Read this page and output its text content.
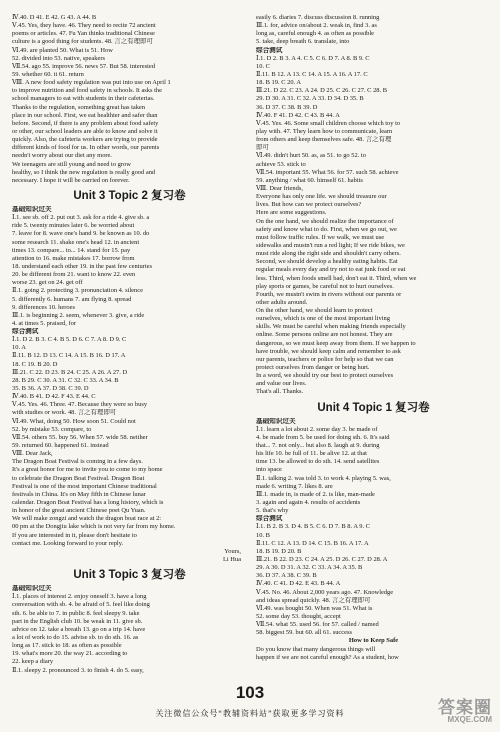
Ⅳ.40. D 41. E 42. G 43. A 44. B
Ⅴ.45. Yes, they have. 46. They need to recite 72 ancient
poems or articles. 47. Fu Yan thinks traditional Chinese
culture is a good thing for students. 48. 言之有理即可
Ⅵ.49. are planted 50. What is 51. How
52. divided into 53. native, speakers
Ⅶ.54. ago 55. improve 56. news 57. But 58. interested
59. whether 60. it 61. return
Ⅷ. A new food safety regulation was put into use on April 1
to improve nutrition and food safety in schools. It asks the
school managers to eat with students in their cafeterias.
Thanks to the regulation, something great has taken
place in our school. First, we eat healthier and safer than
before. Second, if there is any problem about food safety
or other, our school leaders are able to know and solve it
quickly. Also, the cafeteria workers are trying to provide
different kinds of food for us. In other words, our parents
needn't worry about our diet any more.
We teenagers are still young and need to grow
healthy, so I think the new regulation is really good and
necessary. I hope it will be carried on forever.
Unit 3 Topic 2 复习卷
基础知识过关
Ⅰ.1. see sb. off 2. put out 3. ask for a ride 4. give sb. a
ride 5. twenty minutes later 6. be worried about
7. leave for 8. wave one's hand 9. be known as 10. do
some research 11. shake one's head 12. in ancient
times 13. compare... to... 14. stand for 15. pay
attention to 16. make mistakes 17. borrow from
18. understand each other 19. in the past few centuries
20. be different from 21. want to know 22. even
worse 23. get on 24. get off
Ⅱ.1. going 2. protecting 3. pronunciation 4. silence
5. differently 6. humans 7. am flying 8. spread
9. differences 10. heroes
Ⅲ.1. is beginning 2. seem, whenever 3. give, a ride
4. at times 5. praised, for
综合测试
Ⅰ.1. D 2. B 3. C 4. B 5. D 6. C 7. A 8. D 9. C
10. A
Ⅱ.11. B 12. D 13. C 14. A 15. B 16. D 17. A
18. C 19. B 20. D
Ⅲ.21. C 22. D 23. B 24. C 25. A 26. A 27. D
28. B 29. C 30. A 31. C 32. C 33. A 34. B
35. B 36. A 37. D 38. C 39. D
Ⅳ.40. B 41. D 42. F 43. E 44. C
Ⅴ.45. Yes. 46. Three. 47. Because they were so busy
with studies or work. 48. 言之有理即可
Ⅵ.49. What, doing 50. How soon 51. Could not
52. by mistake 53. compare, to
Ⅶ.54. others 55. buy 56. When 57. wide 58. neither
59. returned 60. happened 61. instead
Ⅷ. Dear Jack,
The Dragon Boat Festival is coming in a few days.
It's a great honor for me to invite you to come to my home
to celebrate the Dragon Boat Festival. Dragon Boat
Festival is one of the most important Chinese traditional
festivals in China. It's on May fifth in Chinese lunar
calendar. Dragon Boat Festival has a long history, which is
in honor of the great ancient Chinese poet Qu Yuan.
We will make zongzi and watch the dragon boat race at 2:
00 pm at the Dongjiu lake which is not very far from my home.
If you are interested in it, please don't hesitate to
contact me. Looking forward to your reply.
Yours,
Li Hua
Unit 3 Topic 3 复习卷
基础知识过关
Ⅰ.1. places of interest 2. enjoy oneself 3. have a long
conversation with sb. 4. be afraid of 5. feel like doing
sth. 6. be able to 7. in public 8. feel sleepy 9. take
part in the English club 10. be weak in 11. give sb.
advice on 12. take a breath 13. go on a trip 14. have
a lot of work to do 15. advise sb. to do sth. 16. as
long as 17. stick to 18. as often as possible
19. what's more 20. the way 21. according to
22. keep a diary
Ⅱ.1. sleepy 2. pronounced 3. to finish 4. do 5. easy,
easily 6. diaries 7. discuss discussion 8. running
Ⅲ.1. for, advice on/about 2. weak in, find 3. as
long as, careful enough 4. as often as possible
5. take, deep breath 6. translate, into
综合测试
Ⅰ.1. D 2. B 3. A 4. C 5. C 6. D 7. A 8. B 9. C
10. C
Ⅱ.11. B 12. A 13. C 14. A 15. A 16. A 17. C
18. B 19. C 20. A
Ⅲ.21. D 22. C 23. A 24. D 25. C 26. C 27. C 28. B
29. D 30. A 31. C 32. A 33. D 34. D 35. B
36. D 37. C 38. B 39. D
Ⅳ.40. F 41. D 42. C 43. B 44. A
Ⅴ.45. Yes. 46. Some small children choose which toy to
play with. 47. They learn how to communicate, learn
from others and keep themselves safe. 48. 言之有理
即可
Ⅵ.49. didn't hurt 50. as, as 51. to go 52. to
achieve 53. stick to
Ⅶ.54. important 55. What 56. for 57. such 58. achieve
59. anything / what 60. himself 61. habits
Ⅷ. Dear friends,
Everyone has only one life. we should treasure our
lives. But how can we protect ourselves?
Here are some suggestions.
On the one hand, we should realize the importance of
safety and know what to do. First, when we go out, we
must follow traffic rules. If we walk, we must use
sidewalks and mustn't run a red light; If we ride bikes, we
must ride along the right side and shouldn't carry others.
Second, we should develop a healthy eating habits. Eat
regular meals every day and try not to eat junk food or eat
less. Third, when foods smell bad, don't eat it. Third, when we
play sports or games, be careful not to hurt ourselves.
Fourth, we mustn't swim in rivers without our parents or
other adults around.
On the other hand, we should learn to protect
ourselves, which is one of the most important living
skills. We must be careful when making friends especially
online. Some persons online are not honest. They are
dangerous, so we must keep away from them. If we happen to
have trouble, we should keep calm and remember to ask
our parents, teachers or police for help so that we can
protect ourselves from danger or being hurt.
In a word, we should try our best to protect ourselves
and value our lives.
That's all. Thanks.
Unit 4 Topic 1 复习卷
基础知识过关
Ⅰ.1. learn a lot about 2. some day 3. be made of
4. be made from 5. be used for doing sth. 6. It's said
that... 7. not only... but also 8. laugh at 9. during
his life 10. be full of 11. be alive 12. at that
time 13. be allowed to do sth. 14. send satellites
into space
Ⅱ.1. talking 2. was told 3. to work 4. playing 5. was,
made 6. writing 7. likes 8. are
Ⅲ.1. made in, is made of 2. is like, man-made
3. again and again 4. results of accidents
5. that's why
综合测试
Ⅰ.1. B 2. B 3. D 4. B 5. C 6. D 7. B 8. A 9. C
10. B
Ⅱ.11. C 12. A 13. D 14. C 15. B 16. A 17. A
18. B 19. D 20. B
Ⅲ.21. B 22. D 23. C 24. A 25. D 26. C 27. D 28. A
29. A 30. D 31. A 32. C 33. A 34. A 35. B
36. D 37. A 38. C 39. B
Ⅳ.40. C 41. D 42. E 43. B 44. A
Ⅴ.45. No. 46. About 2,000 years ago. 47. Knowledge
and ideas spread quickly. 48. 言之有理即可
Ⅵ.49. was bought 50. When was 51. What is
52. some day 53. thought, accept
Ⅶ.54. what 55. used 56. for 57. called / named
58. biggest 59. but 60. all 61. success
How to Keep Safe
Do you know that many dangerous things will
happen if we are not careful enough? As a student, how
103
关注微信公众号“教辅资料站”获取更多学习资料	答案圈
MXQE.COM
